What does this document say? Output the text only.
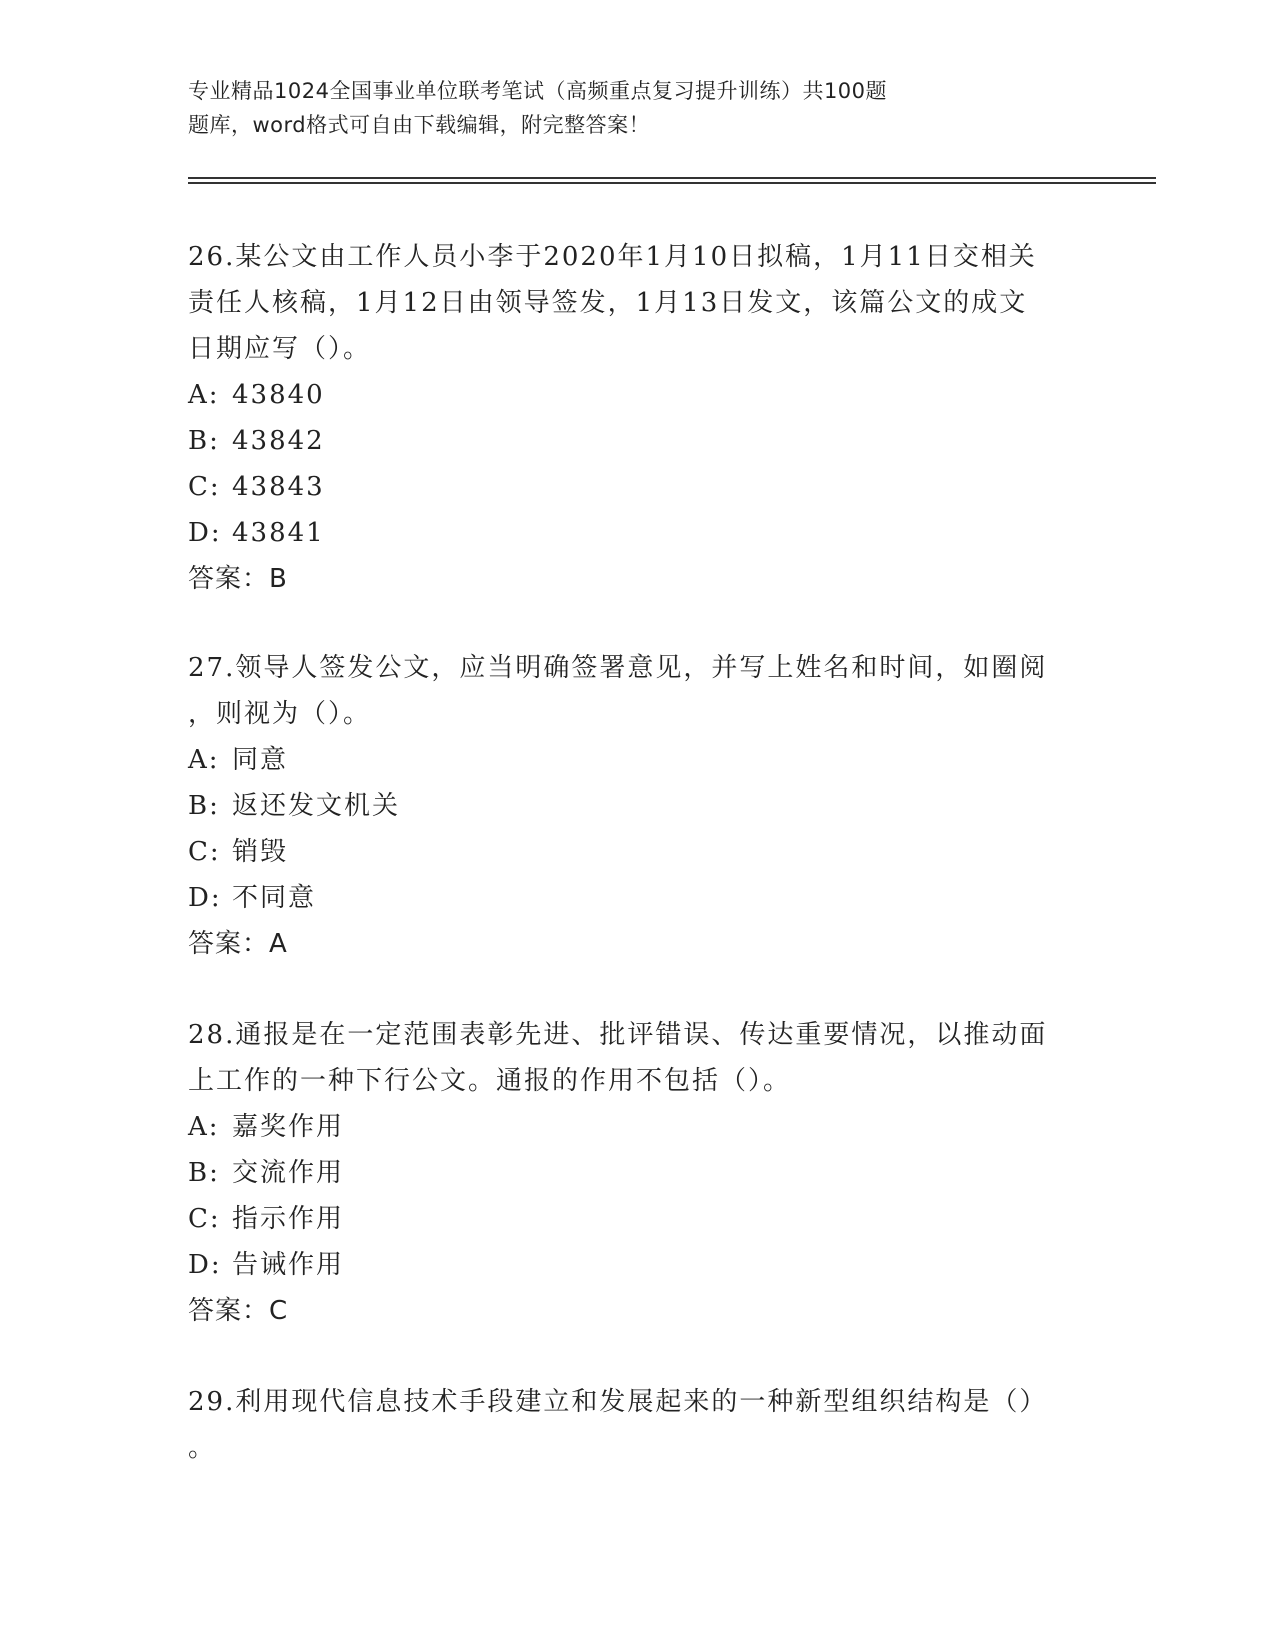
专业精品1024全国事业单位联考笔试（高频重点复习提升训练）共100题
题库，word格式可自由下载编辑，附完整答案！
26.某公文由工作人员小李于2020年1月10日拟稿，1月11日交相关
责任人核稿，1月12日由领导签发，1月13日发文，该篇公文的成文
日期应写（）。
A: 43840
B: 43842
C: 43843
D: 43841
答案：B
27.领导人签发公文，应当明确签署意见，并写上姓名和时间，如圈阅
，则视为（）。
A: 同意
B: 返还发文机关
C: 销毁
D: 不同意
答案：A
28.通报是在一定范围表彰先进、批评错误、传达重要情况，以推动面
上工作的一种下行公文。通报的作用不包括（）。
A: 嘉奖作用
B: 交流作用
C: 指示作用
D: 告诫作用
答案：C
29.利用现代信息技术手段建立和发展起来的一种新型组织结构是（）
。
